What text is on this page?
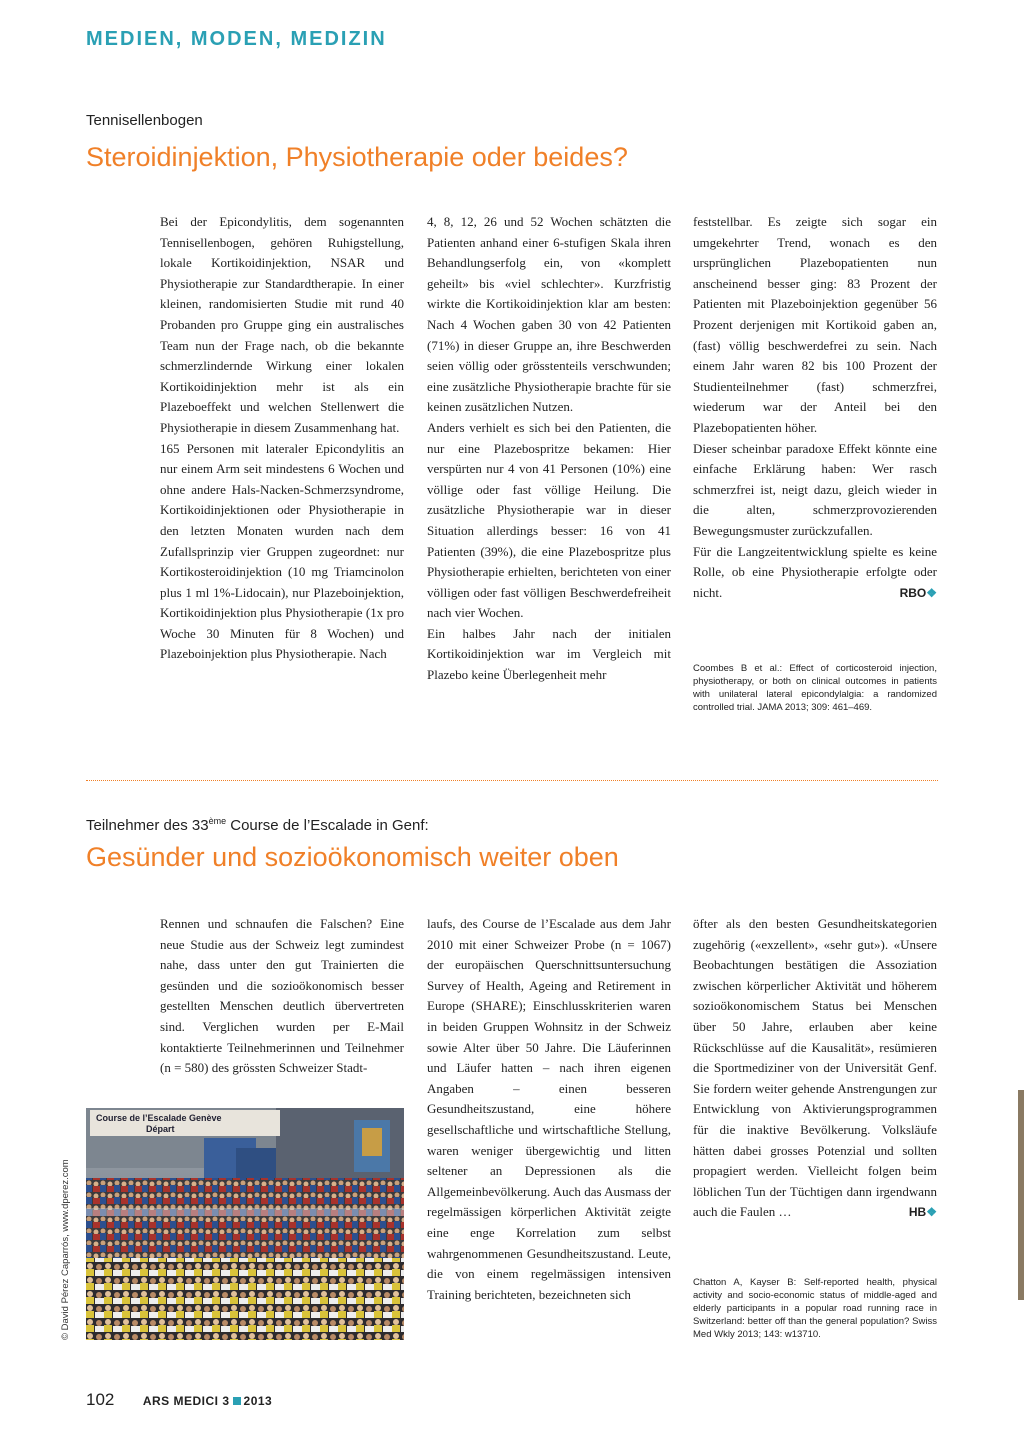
MEDIEN, MODEN, MEDIZIN
Tennisellenbogen
Steroidinjektion, Physiotherapie oder beides?

Bei der Epicondylitis, dem sogenannten Tennisellenbogen, gehören Ruhigstellung, lokale Kortikoidinjektion, NSAR und Physiotherapie zur Standardtherapie. In einer kleinen, randomisierten Studie mit rund 40 Probanden pro Gruppe ging ein australisches Team nun der Frage nach, ob die bekannte schmerzlindernde Wirkung einer lokalen Kortikoidinjektion mehr ist als ein Plazeboeffekt und welchen Stellenwert die Physiotherapie in diesem Zusammenhang hat.

165 Personen mit lateraler Epicondylitis an nur einem Arm seit mindestens 6 Wochen und ohne andere Hals-Nacken-Schmerzsyndrome, Kortikoidinjektionen oder Physiotherapie in den letzten Monaten wurden nach dem Zufallsprinzip vier Gruppen zugeordnet: nur Kortikosteroidinjektion (10 mg Triamcinolon plus 1 ml 1%-Lidocain), nur Plazeboinjektion, Kortikoidinjektion plus Physiotherapie (1x pro Woche 30 Minuten für 8 Wochen) und Plazeboinjektion plus Physiotherapie. Nach

4, 8, 12, 26 und 52 Wochen schätzten die Patienten anhand einer 6-stufigen Skala ihren Behandlungserfolg ein, von «komplett geheilt» bis «viel schlechter». Kurzfristig wirkte die Kortikoidinjektion klar am besten: Nach 4 Wochen gaben 30 von 42 Patienten (71%) in dieser Gruppe an, ihre Beschwerden seien völlig oder grösstenteils verschwunden; eine zusätzliche Physiotherapie brachte für sie keinen zusätzlichen Nutzen.

Anders verhielt es sich bei den Patienten, die nur eine Plazebospritze bekamen: Hier verspürten nur 4 von 41 Personen (10%) eine völlige oder fast völlige Heilung. Die zusätzliche Physiotherapie war in dieser Situation allerdings besser: 16 von 41 Patienten (39%), die eine Plazebospritze plus Physiotherapie erhielten, berichteten von einer völligen oder fast völligen Beschwerdefreiheit nach vier Wochen.

Ein halbes Jahr nach der initialen Kortikoidinjektion war im Vergleich mit Plazebo keine Überlegenheit mehr

feststellbar. Es zeigte sich sogar ein umgekehrter Trend, wonach es den ursprünglichen Plazebopatienten nun anscheinend besser ging: 83 Prozent der Patienten mit Plazeboinjektion gegenüber 56 Prozent derjenigen mit Kortikoid gaben an, (fast) völlig beschwerdefrei zu sein. Nach einem Jahr waren 82 bis 100 Prozent der Studienteilnehmer (fast) schmerzfrei, wiederum war der Anteil bei den Plazebopatienten höher.

Dieser scheinbar paradoxe Effekt könnte eine einfache Erklärung haben: Wer rasch schmerzfrei ist, neigt dazu, gleich wieder in die alten, schmerzprovozierenden Bewegungsmuster zurückzufallen.

Für die Langzeitentwicklung spielte es keine Rolle, ob eine Physiotherapie erfolgte oder nicht.	RBO❖

Coombes B et al.: Effect of corticosteroid injection, physiotherapy, or both on clinical outcomes in patients with unilateral lateral epicondylalgia: a randomized controlled trial. JAMA 2013; 309: 461–469.
Teilnehmer des 33ème Course de l’Escalade in Genf:
Gesünder und sozioökonomisch weiter oben

Rennen und schnaufen die Falschen? Eine neue Studie aus der Schweiz legt zumindest nahe, dass unter den gut Trainierten die gesünden und die sozioökonomisch besser gestellten Menschen deutlich übervertreten sind. Verglichen wurden per E-Mail kontaktierte Teilnehmerinnen und Teilnehmer (n = 580) des grössten Schweizer Stadt-

laufs, des Course de l’Escalade aus dem Jahr 2010 mit einer Schweizer Probe (n = 1067) der europäischen Querschnittsuntersuchung Survey of Health, Ageing and Retirement in Europe (SHARE); Einschlusskriterien waren in beiden Gruppen Wohnsitz in der Schweiz sowie Alter über 50 Jahre. Die Läuferinnen und Läufer hatten – nach ihren eigenen Angaben – einen besseren Gesundheitszustand, eine höhere gesellschaftliche und wirtschaftliche Stellung, waren weniger übergewichtig und litten seltener an Depressionen als die Allgemeinbevölkerung. Auch das Ausmass der regelmässigen körperlichen Aktivität zeigte eine enge Korrelation zum selbst wahrgenommenen Gesundheitszustand. Leute, die von einem regelmässigen intensiven Training berichteten, bezeichneten sich

öfter als den besten Gesundheitskategorien zugehörig («exzellent», «sehr gut»). «Unsere Beobachtungen bestätigen die Assoziation zwischen körperlicher Aktivität und höherem sozioökonomischem Status bei Menschen über 50 Jahre, erlauben aber keine Rückschlüsse auf die Kausalität», resümieren die Sportmediziner von der Universität Genf. Sie fordern weiter gehende Anstrengungen zur Entwicklung von Aktivierungsprogrammen für die inaktive Bevölkerung. Volksläufe hätten dabei grosses Potenzial und sollten propagiert werden. Vielleicht folgen beim löblichen Tun der Tüchtigen dann irgendwann auch die Faulen …	HB❖

Chatton A, Kayser B: Self-reported health, physical activity and socio-economic status of middle-aged and elderly participants in a popular road running race in Switzerland: better off than the general population? Swiss Med Wkly 2013; 143: w13710.
Course de l’Escalade Genève
Départ
© David Pérez Caparrós, www.dperez.com
102 ARS MEDICI 3 2013
